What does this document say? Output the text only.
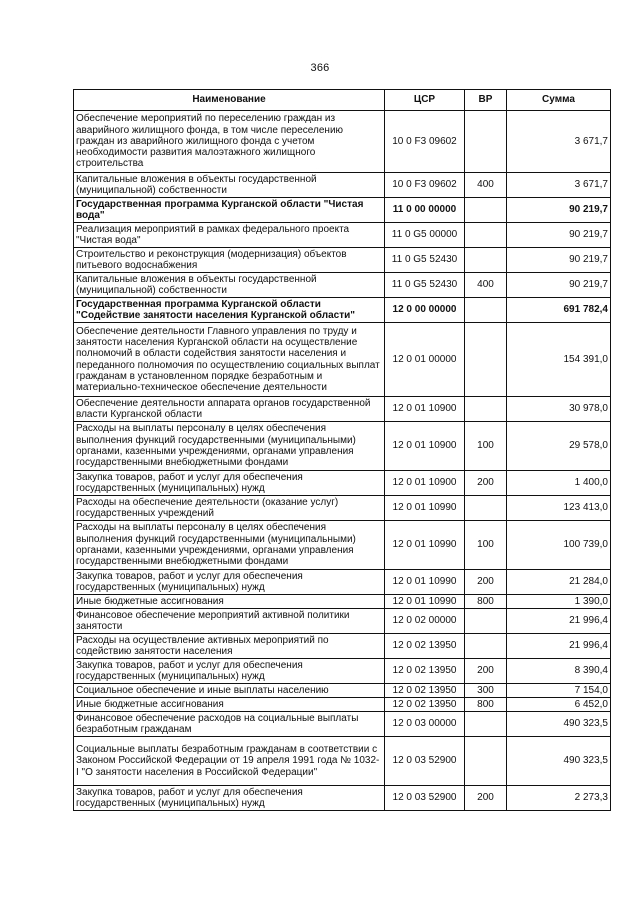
366
Наименование	ЦСР	ВР	Сумма
Обеспечение мероприятий по переселению граждан из аварийного жилищного фонда, в том числе переселению граждан из аварийного жилищного фонда с учетом необходимости развития малоэтажного жилищного строительства	10 0 F3 09602		3 671,7
Капитальные вложения в объекты государственной (муниципальной) собственности	10 0 F3 09602	400	3 671,7
Государственная программа Курганской области "Чистая вода"	11 0 00 00000		90 219,7
Реализация мероприятий в рамках федерального проекта "Чистая вода"	11 0 G5 00000		90 219,7
Строительство и реконструкция (модернизация) объектов питьевого водоснабжения	11 0 G5 52430		90 219,7
Капитальные вложения в объекты государственной (муниципальной) собственности	11 0 G5 52430	400	90 219,7
Государственная программа Курганской области "Содействие занятости населения Курганской области"	12 0 00 00000		691 782,4
Обеспечение деятельности Главного управления по труду и занятости населения Курганской области на осуществление полномочий в области содействия занятости населения и переданного полномочия по осуществлению социальных выплат гражданам в установленном порядке безработным и материально-техническое обеспечение деятельности	12 0 01 00000		154 391,0
Обеспечение деятельности аппарата органов государственной власти Курганской области	12 0 01 10900		30 978,0
Расходы на выплаты персоналу в целях обеспечения выполнения функций государственными (муниципальными) органами, казенными учреждениями, органами управления государственными внебюджетными фондами	12 0 01 10900	100	29 578,0
Закупка товаров, работ и услуг для обеспечения государственных (муниципальных) нужд	12 0 01 10900	200	1 400,0
Расходы на обеспечение деятельности (оказание услуг) государственных учреждений	12 0 01 10990		123 413,0
Расходы на выплаты персоналу в целях обеспечения выполнения функций государственными (муниципальными) органами, казенными учреждениями, органами управления государственными внебюджетными фондами	12 0 01 10990	100	100 739,0
Закупка товаров, работ и услуг для обеспечения государственных (муниципальных) нужд	12 0 01 10990	200	21 284,0
Иные бюджетные ассигнования	12 0 01 10990	800	1 390,0
Финансовое обеспечение мероприятий активной политики занятости	12 0 02 00000		21 996,4
Расходы на осуществление активных мероприятий по содействию занятости населения	12 0 02 13950		21 996,4
Закупка товаров, работ и услуг для обеспечения государственных (муниципальных) нужд	12 0 02 13950	200	8 390,4
Социальное обеспечение и иные выплаты населению	12 0 02 13950	300	7 154,0
Иные бюджетные ассигнования	12 0 02 13950	800	6 452,0
Финансовое обеспечение расходов на социальные выплаты безработным гражданам	12 0 03 00000		490 323,5
Социальные выплаты безработным гражданам в соответствии с Законом Российской Федерации от 19 апреля 1991 года № 1032-I "О занятости населения в Российской Федерации"	12 0 03 52900		490 323,5
Закупка товаров, работ и услуг для обеспечения государственных (муниципальных) нужд	12 0 03 52900	200	2 273,3
